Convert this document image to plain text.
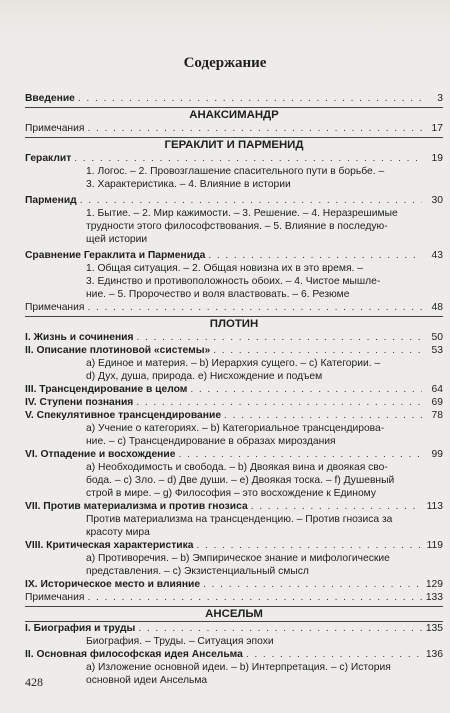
Содержание
Введение . . .	3
АНАКСИМАНДР
Примечания . . .	17
ГЕРАКЛИТ И ПАРМЕНИД
Гераклит . . .	19
1. Логос. – 2. Провозглашение спасительного пути в борьбе. –
3. Характеристика. – 4. Влияние в истории
Парменид . . .	30
1. Бытие. – 2. Мир кажимости. – 3. Решение. – 4. Неразрешимые
трудности этого философствования. – 5. Влияние в последую-
щей истории
Сравнение Гераклита и Парменида . . .	43
1. Общая ситуация. – 2. Общая новизна их в это время. –
3. Единство и противоположность обоих. – 4. Чистое мышле-
ние. – 5. Пророчество и воля властвовать. – 6. Резюме
Примечания . . .	48
ПЛОТИН
I. Жизнь и сочинения . . .	50
II. Описание плотиновой «системы» . . .	53
а) Единое и материя. – b) Иерархия сущего. – c) Категории. –
d) Дух, душа, природа. е) Нисхождение и подъем
III. Трансцендирование в целом . . .	64
IV. Ступени познания . . .	69
V. Спекулятивное трансцендирование . . .	78
а) Учение о категориях. – b) Категориальное трансцендирова-
ние. – c) Трансцендирование в образах мироздания
VI. Отпадение и восхождение . . .	99
а) Необходимость и свобода. – b) Двоякая вина и двоякая сво-
бода. – c) Зло. – d) Две души. – e) Двоякая тоска. – f) Душевный
строй в мире. – g) Философия – это восхождение к Единому
VII. Против материализма и против гнозиса . . .	113
Против материализма на трансценденцию. – Против гнозиса за
красоту мира
VIII. Критическая характеристика . . .	119
а) Противоречия. – b) Эмпирическое знание и мифологические
представления. – c) Экзистенциальный смысл
IX. Историческое место и влияние . . .	129
Примечания . . .	133
АНСЕЛЬМ
I. Биография и труды . . .	135
Биография. – Труды. – Ситуация эпохи
II. Основная философская идея Ансельма . . .	136
а) Изложение основной идеи. – b) Интерпретация. – c) История
основной идеи Ансельма
428
